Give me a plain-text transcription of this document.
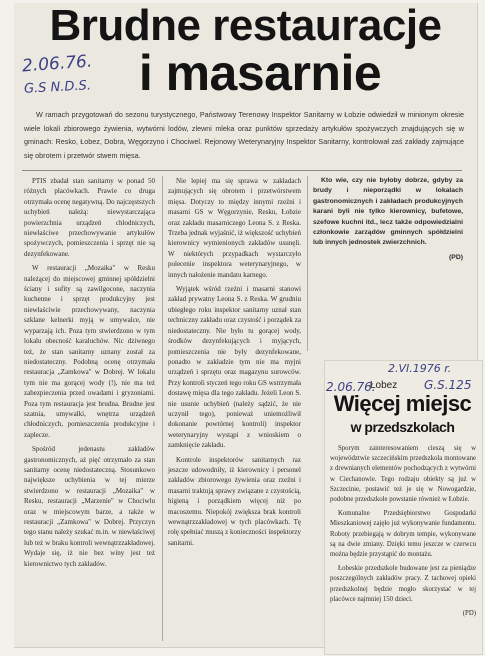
Brudne restauracje
i masarnie
2.06.76.
G.S N.D.S.
W ramach przygotowań do sezonu turystycznego, Państwowy Terenowy Inspektor Sanitarny w Łobzie odwiedził w minionym okresie wiele lokali zbiorowego żywienia, wytwórni lodów, zlewni mleka oraz punktów sprzedaży artykułów spożywczych znajdujących się w gminach: Resko, Łobez, Dobra, Węgorzyno i Chociwel. Rejonowy Weterynaryjny Inspektor Sanitarny, kontrolował zaś zakłady zajmujące się obrotem i przetwór stwem mięsa.

PTIS zbadał stan sanitarny w ponad 50 różnych placówkach. Prawie co druga otrzymała ocenę negatywną. Do najczęstszych uchybień należą: niewystarczająca powierzchnia urządzeń chłodniczych, niewłaściwe przechowywanie artykułów spożywczych, pomieszczenia i sprzęt nie są dezynfekowane.

W restauracji „Mozaika" w Resku należącej do miejscowej gminnej spółdzielni ściany i sufity są zawilgocone, naczynia kuchenne i sprzęt produkcyjny jest niewłaściwie przechowywany, naczynia szklane kelnerki myją w umywalce, nie wyparzają ich. Poza tym stwierdzono w tym lokalu obecność karaluchów. Nic dziwnego też, że stan sanitarny uznany został za niedostateczny. Podobną ocenę otrzymała restauracja „Zamkowa" w Dobrej. W lokalu tym nie ma gorącej wody (!), nie ma też zabezpieczenia przed owadami i gryzoniami. Poza tym restauracja jest brudna. Brudne jest szatnia, umywalki, wnętrza urządzeń chłodniczych, pomieszczenia produkcyjne i zaplecze.

Spośród jedenastu zakładów gastronomicznych, aż pięć otrzymało za stan sanitarny ocenę niedostateczną. Stosunkowo największe uchybienia w tej mierze stwierdzono w restauracji „Mozaika" w Resku, restauracji „Marzenie" w Chociwlu oraz w miejscowym barze, a także w restauracji „Zamkowa" w Dobrej. Przyczyn tego stanu należy szukać m.in. w niewłaściwej lub też w braku kontroli wewnątrzzakładowej. Wydaje się, iż nie bez winy jest też kierownictwo tych zakładów.

Nie lepiej ma się sprawa w zakładach zajmujących się obrotem i przetwórstwem mięsa. Dotyczy to między innymi rzeźni i masarni GS w Węgorzynie, Resku, Łobzie oraz zakładu masarniczego Leona S. z Reska. Trzeba jednak wyjaśnić, iż większość uchybień kierownicy wymienionych zakładów usunęli. W niektórych przypadkach wystarczyło polecenie inspektora weterynaryjnego, w innych nałożenie mandatu karnego.

Wyjątek wśród rzeźni i masarni stanowi zakład prywatny Leona S. z Reska. W grudniu ubiegłego roku inspektor sanitarny uznał stan techniczny zakładu oraz czystość i porządek za niedostateczny. Nie było tu gorącej wody, środków dezynfekujących i myjących, pomieszczenia nie były dezynfekowane, ponadto w zakładzie tym nie ma myjni urządzeń i sprzętu oraz magazynu surowców. Przy kontroli styczeń tego roku GS wstrzymała dostawę mięsa dla tego zakładu. Jeżeli Leon S. nie usunie uchybień (należy sądzić, że nie uczynił tego), ponieważ uniemożliwił dokonanie powtórnej kontroli) inspektor weterynaryjny wystąpi z wnioskiem o zamknięcie zakładu.

Kontrole inspektorów sanitarnych raz jeszcze udowodniły, iż kierownicy i personel zakładów zbiorowego żywienia oraz rzeźni i masarni traktują sprawy związane z czystością, higieną i porządkiem więcej niż po macoszemu. Niepokój zwiększa brak kontroli wewnątrzzakładowej w tych placówkach. Tę rolę spełniać muszą z konieczności inspektorzy sanitarni.

Kto wie, czy nie byłoby dobrze, gdyby za brudy i nieporządki w lokalach gastronomicznych i zakładach produkcyjnych karani byli nie tylko kierownicy, bufetowe, szefowe kuchni itd., lecz także odpowiedzialni członkowie zarządów gminnych spółdzielni lub innych jednostek zwierzchnich.

(PD)
2.VI.1976 r.
2.06.76.
Łobez G.S.125
Więcej miejsc
w przedszkolach

Sporym zainteresowaniem cieszą się w województwie szczecińskim przedszkola montowane z drewnianych elementów pochodzących z wytwórni w Ciechanowie. Tego rodzaju obiekty są już w Szczecinie, postawić też je się w Nowogardzie, podobne przedszkole powstanie również w Łobzie.

Komunalne Przedsiębiorstwo Gospodarki Mieszkaniowej zajęło już wykonywanie fundamentu. Roboty przebiegają w dobrym tempie, wykonywane są na dwie zmiany. Dzięki temu jeszcze w czerwcu można będzie przystąpić do montażu.

Łobeskie przedszkole budowane jest za pieniądze poszczególnych zakładów pracy. Z tachowej opieki przedszkolnej będzie mogło skorzystać w tej placówce najmniej 150 dzieci.

(PD)
